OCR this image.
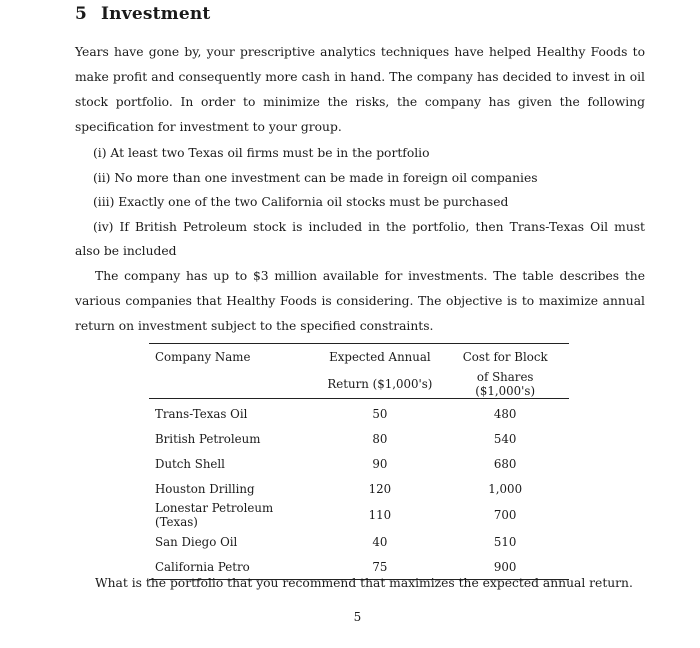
5 Investment
Years have gone by, your prescriptive analytics techniques have helped Healthy Foods to make profit and consequently more cash in hand. The company has decided to invest in oil stock portfolio. In order to minimize the risks, the company has given the following specification for investment to your group.
(i) At least two Texas oil firms must be in the portfolio
(ii) No more than one investment can be made in foreign oil companies
(iii) Exactly one of the two California oil stocks must be purchased
(iv) If British Petroleum stock is included in the portfolio, then Trans-Texas Oil must also be included
The company has up to $3 million available for investments. The table describes the various companies that Healthy Foods is considering. The objective is to maximize annual return on investment subject to the specified constraints.
Company Name	Expected Annual	Cost for Block
	Return ($1,000's)	of Shares ($1,000's)
Trans-Texas Oil	50	480
British Petroleum	80	540
Dutch Shell	90	680
Houston Drilling	120	1,000
Lonestar Petroleum (Texas)	110	700
San Diego Oil	40	510
California Petro	75	900
What is the portfolio that you recommend that maximizes the expected annual return.
5
